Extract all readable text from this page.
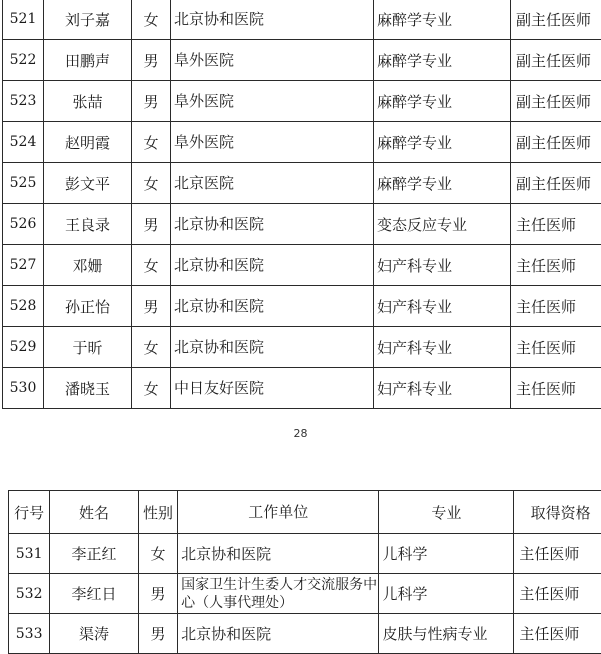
521	刘子嘉	女	北京协和医院	麻醉学专业	副主任医师
522	田鹏声	男	阜外医院	麻醉学专业	副主任医师
523	张喆	男	阜外医院	麻醉学专业	副主任医师
524	赵明霞	女	阜外医院	麻醉学专业	副主任医师
525	彭文平	女	北京医院	麻醉学专业	副主任医师
526	王良录	男	北京协和医院	变态反应专业	主任医师
527	邓姗	女	北京协和医院	妇产科专业	主任医师
528	孙正怡	男	北京协和医院	妇产科专业	主任医师
529	于昕	女	北京协和医院	妇产科专业	主任医师
530	潘晓玉	女	中日友好医院	妇产科专业	主任医师
28
行号	姓名	性别	工作单位	专业	取得资格
531	李正红	女	北京协和医院	儿科学	主任医师
532	李红日	男	国家卫生计生委人才交流服务中心（人事代理处）	儿科学	主任医师
533	渠涛	男	北京协和医院	皮肤与性病专业	主任医师
